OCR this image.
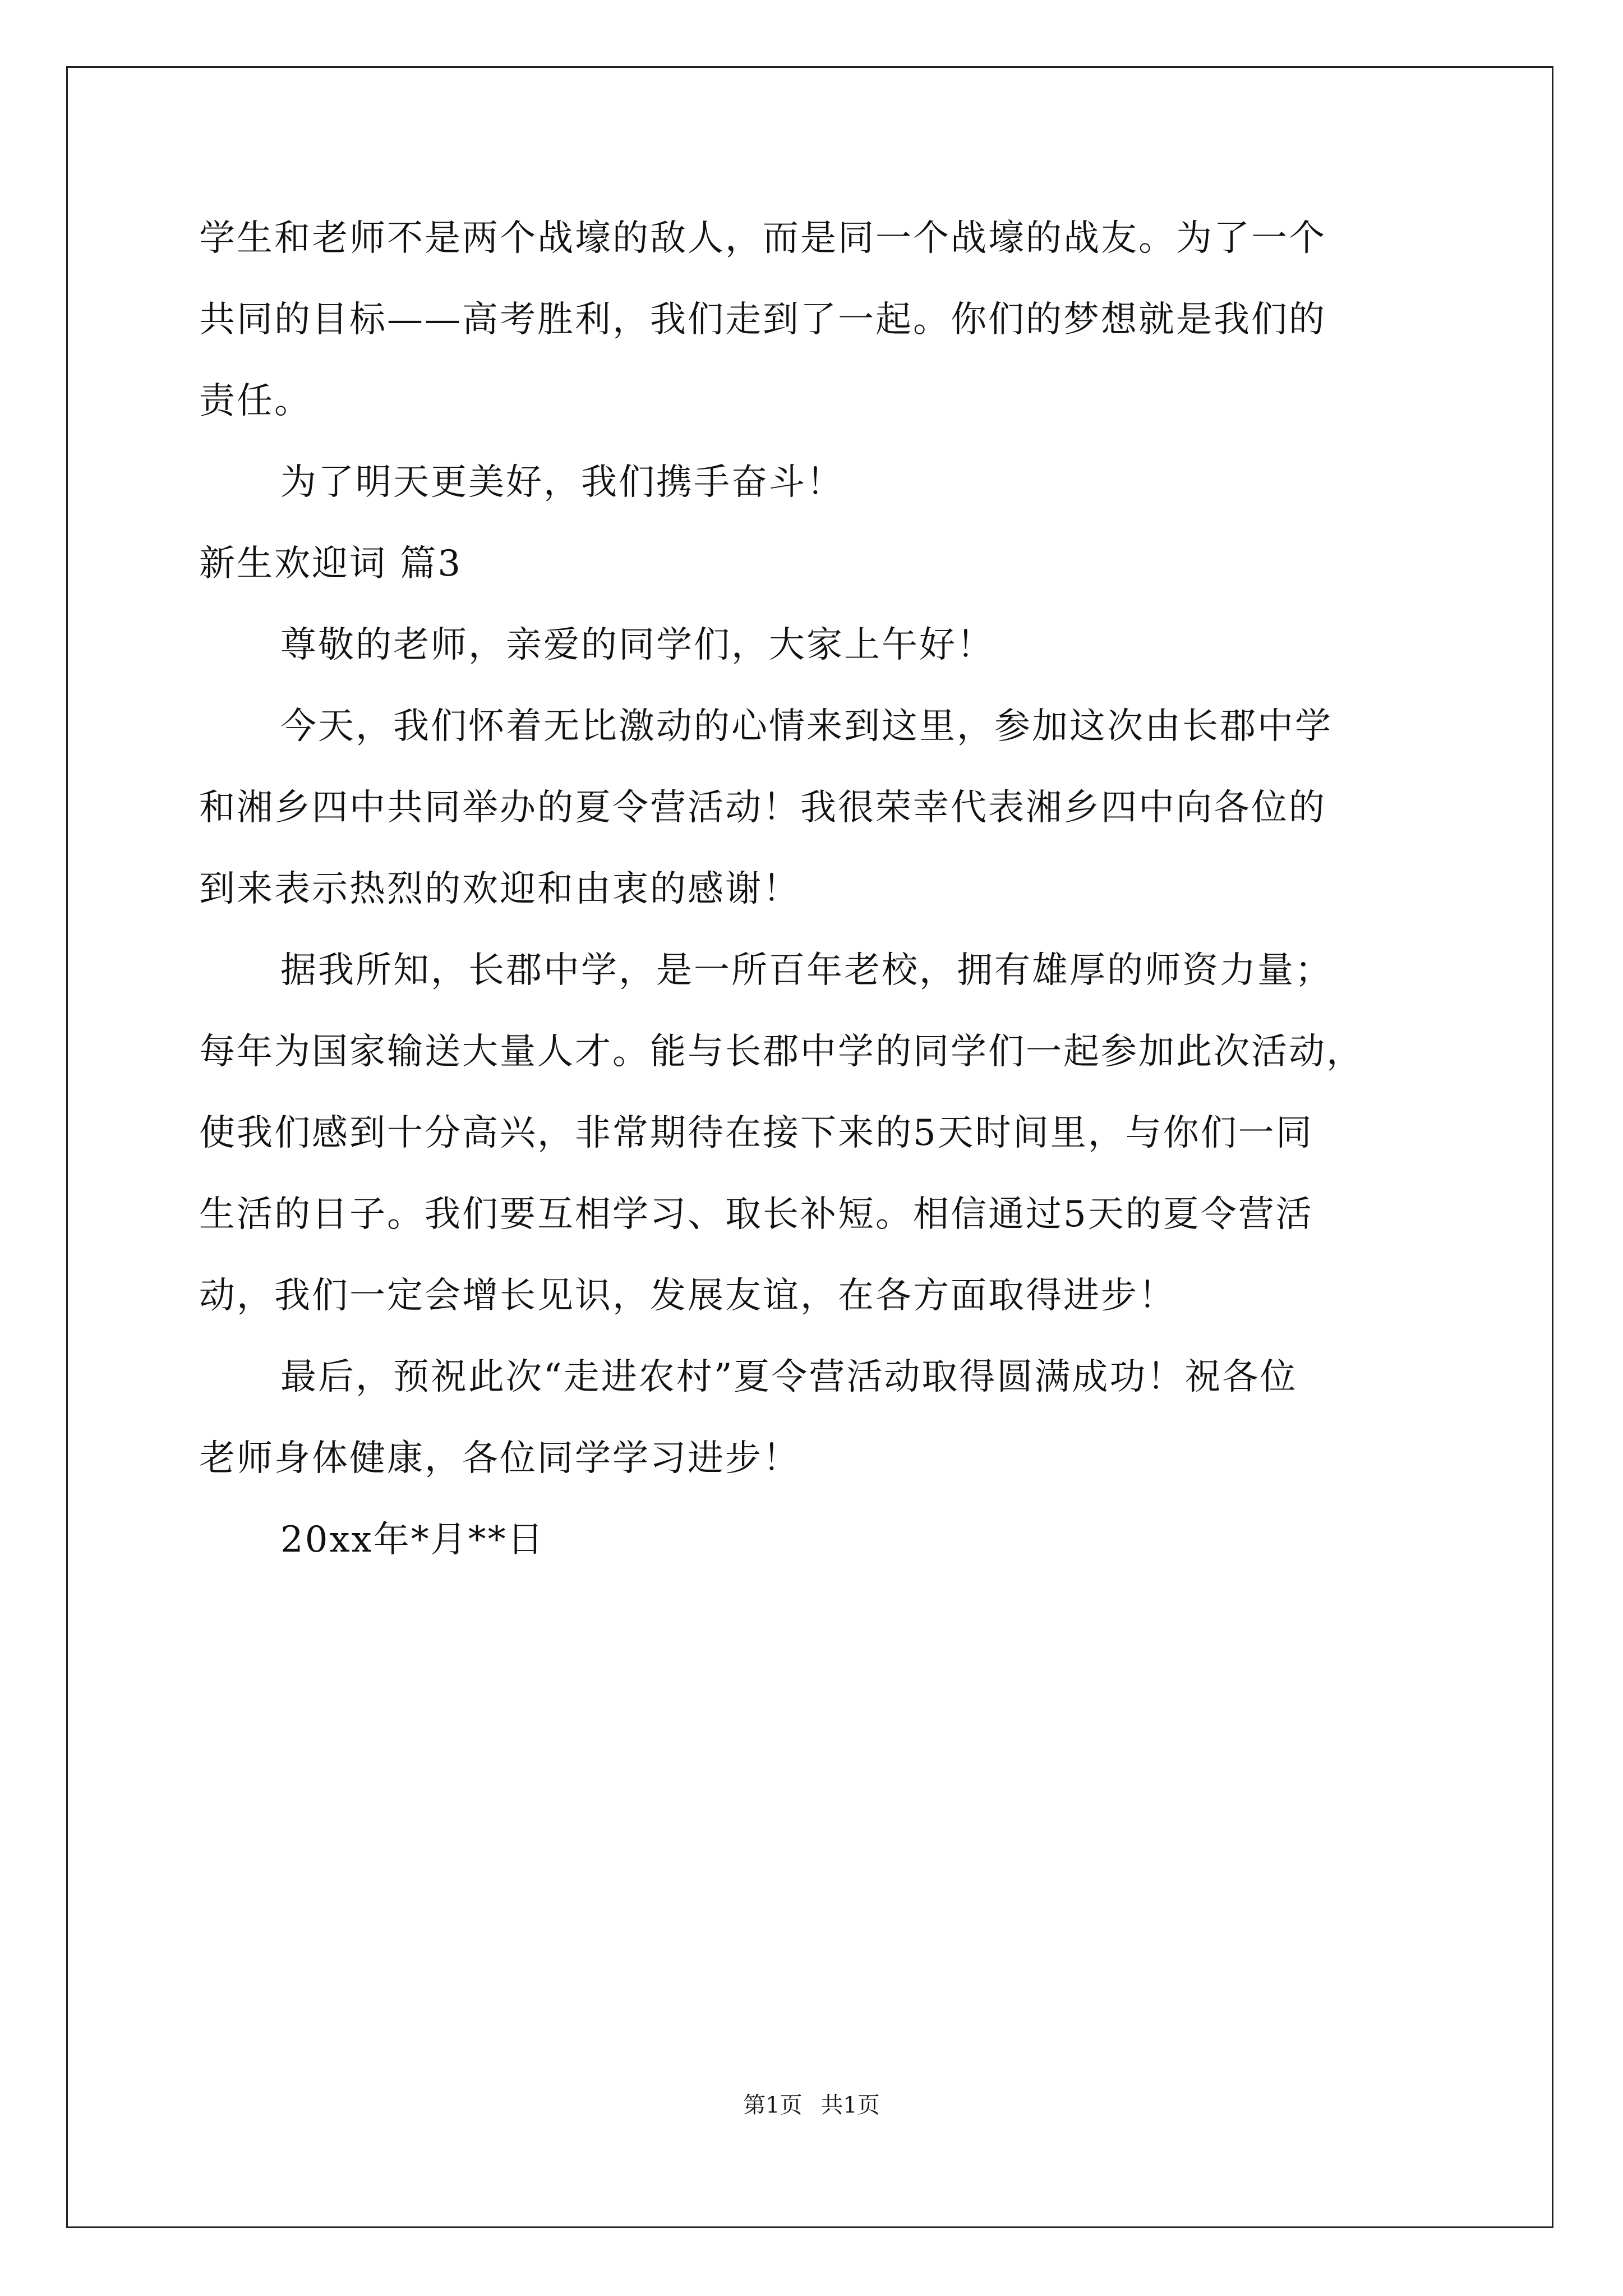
学生和老师不是两个战壕的敌人，而是同一个战壕的战友。为了一个
共同的目标——高考胜利，我们走到了一起。你们的梦想就是我们的
责任。
为了明天更美好，我们携手奋斗！
新生欢迎词 篇3
尊敬的老师，亲爱的同学们，大家上午好！
今天，我们怀着无比激动的心情来到这里，参加这次由长郡中学
和湘乡四中共同举办的夏令营活动！我很荣幸代表湘乡四中向各位的
到来表示热烈的欢迎和由衷的感谢！
据我所知，长郡中学，是一所百年老校，拥有雄厚的师资力量；
每年为国家输送大量人才。能与长郡中学的同学们一起参加此次活动，
使我们感到十分高兴，非常期待在接下来的5天时间里，与你们一同
生活的日子。我们要互相学习、取长补短。相信通过5天的夏令营活
动，我们一定会增长见识，发展友谊，在各方面取得进步！
最后，预祝此次“走进农村”夏令营活动取得圆满成功！祝各位
老师身体健康，各位同学学习进步！
20xx年*月**日
第1页 共1页
